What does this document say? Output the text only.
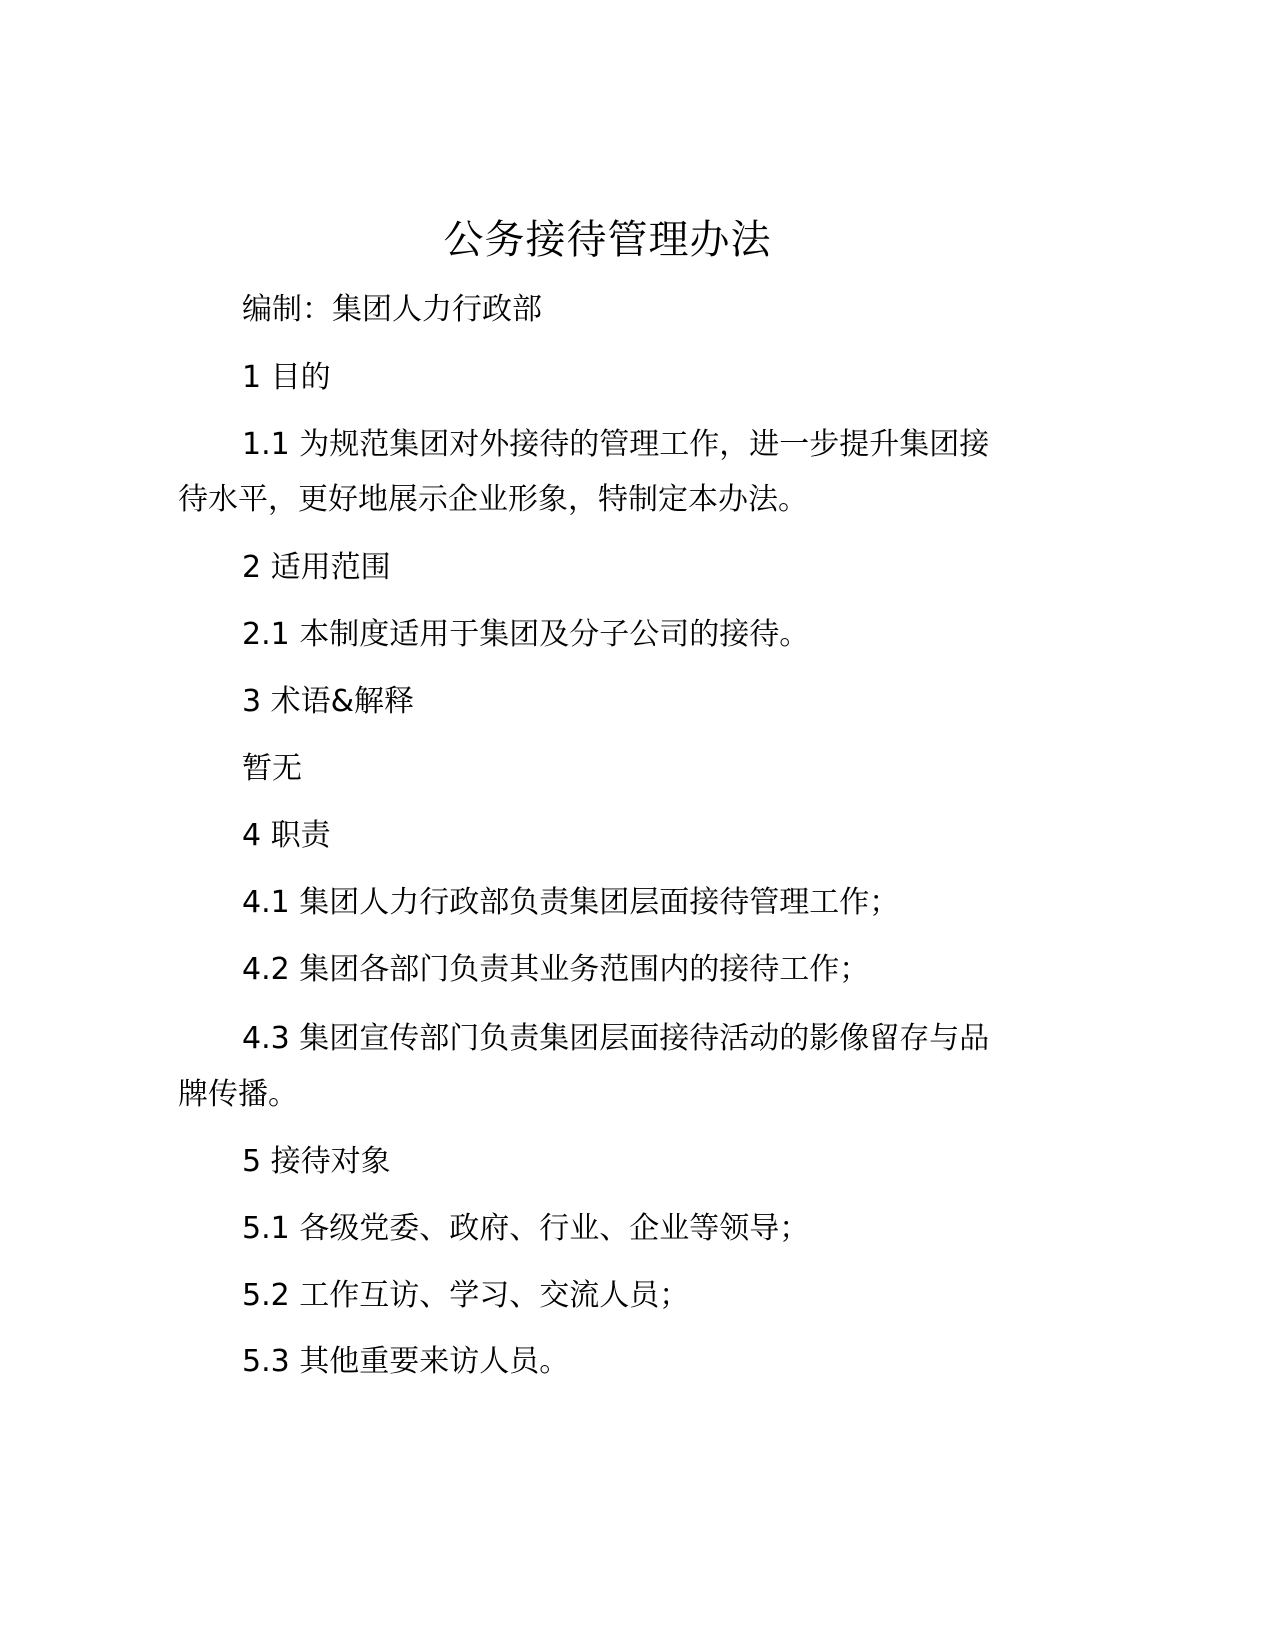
公务接待管理办法
编制：集团人力行政部
1 目的
1.1 为规范集团对外接待的管理工作，进一步提升集团接
待水平，更好地展示企业形象，特制定本办法。
2 适用范围
2.1 本制度适用于集团及分子公司的接待。
3 术语&解释
暂无
4 职责
4.1 集团人力行政部负责集团层面接待管理工作；
4.2 集团各部门负责其业务范围内的接待工作；
4.3 集团宣传部门负责集团层面接待活动的影像留存与品
牌传播。
5 接待对象
5.1 各级党委、政府、行业、企业等领导；
5.2 工作互访、学习、交流人员；
5.3 其他重要来访人员。
